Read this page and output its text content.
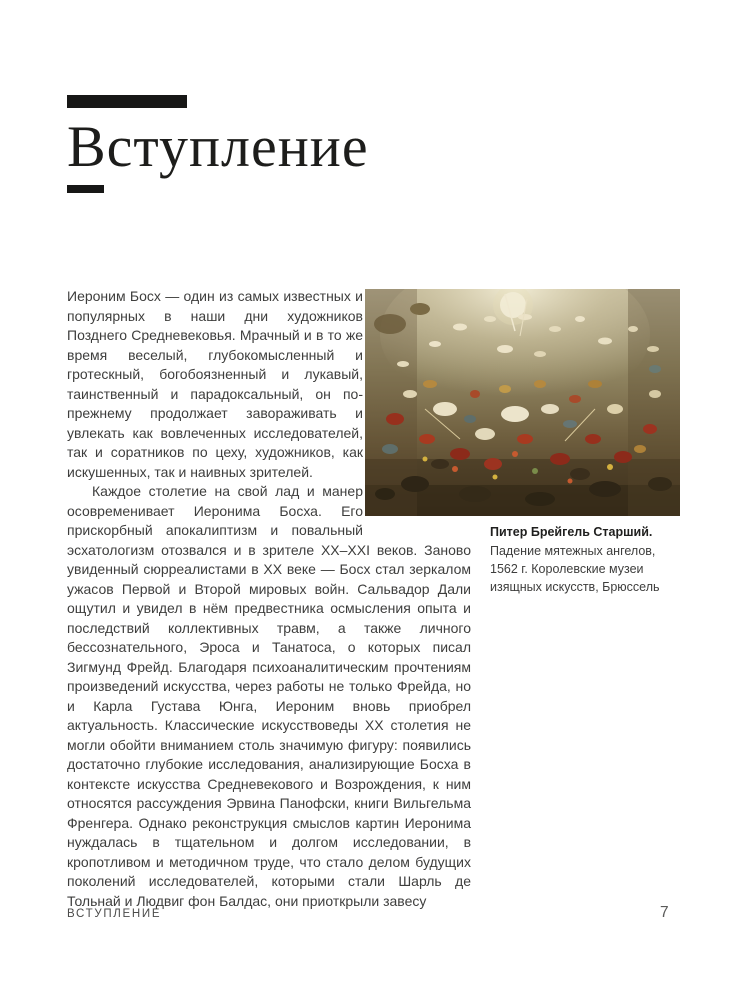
Вступление

Иероним Босх — один из самых известных и популярных в наши дни художников Позднего Средневековья. Мрачный и в то же время веселый, глубокомысленный и гротескный, богобоязненный и лукавый, таинственный и парадоксальный, он по-прежнему продолжает завораживать и увлекать как вовлеченных исследователей, так и соратников по цеху, художников, как искушенных, так и наивных зрителей.

Каждое столетие на свой лад и манер осовременивает Иеронима Босха. Его прискорбный апокалиптизм и повальный эсхатологизм отозвался и в зрителе XX–XXI веков. Заново увиденный сюрреалистами в XX веке — Босх стал зеркалом ужасов Первой и Второй мировых войн. Сальвадор Дали ощутил и увидел в нём предвестника осмысления опыта и последствий коллективных травм, а также личного бессознательного, Эроса и Танатоса, о которых писал Зигмунд Фрейд. Благодаря психоаналитическим прочтениям произведений искусства, через работы не только Фрейда, но и Карла Густава Юнга, Иероним вновь приобрел актуальность. Классические искусствоведы XX столетия не могли обойти вниманием столь значимую фигуру: появились достаточно глубокие исследования, анализирующие Босха в контексте искусства Средневекового и Возрождения, к ним относятся рассуждения Эрвина Панофски, книги Вильгельма Френгера. Однако реконструкция смыслов картин Иеронима нуждалась в тщательном и долгом исследовании, в кропотливом и методичном труде, что стало делом будущих поколений исследователей, которыми стали Шарль де Тольнай и Людвиг фон Балдас, они приоткрыли завесу

Питер Брейгель Старший.
Падение мятежных ангелов, 1562 г. Королевские музеи изящных искусств, Брюссель
ВСТУПЛЕНИЕ	7
